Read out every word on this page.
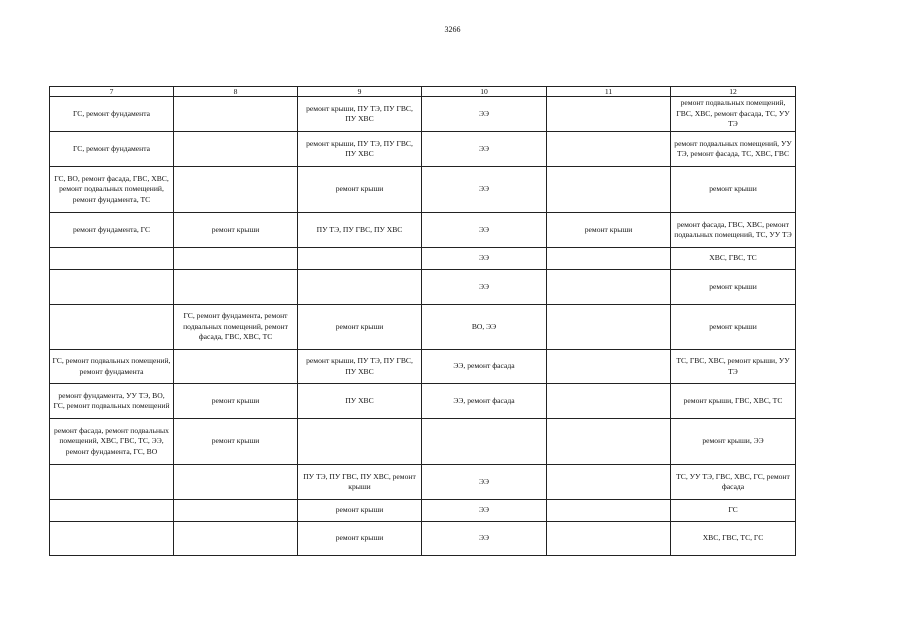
3266
7	8	9	10	11	12
ГС, ремонт фундамента		ремонт крыши, ПУ ТЭ, ПУ ГВС, ПУ ХВС	ЭЭ		ремонт подвальных помещений, ГВС, ХВС, ремонт фасада, ТС, УУ ТЭ
ГС, ремонт фундамента		ремонт крыши, ПУ ТЭ, ПУ ГВС, ПУ ХВС	ЭЭ		ремонт подвальных помещений, УУ ТЭ, ремонт фасада, ТС, ХВС, ГВС
ГС, ВО, ремонт фасада, ГВС, ХВС, ремонт подвальных помещений, ремонт фундамента, ТС		ремонт крыши	ЭЭ		ремонт крыши
ремонт фундамента, ГС	ремонт крыши	ПУ ТЭ, ПУ ГВС, ПУ ХВС	ЭЭ	ремонт крыши	ремонт фасада, ГВС, ХВС, ремонт подвальных помещений, ТС, УУ ТЭ
			ЭЭ		ХВС, ГВС, ТС
			ЭЭ		ремонт крыши
	ГС, ремонт фундамента, ремонт подвальных помещений, ремонт фасада, ГВС, ХВС, ТС	ремонт крыши	ВО, ЭЭ		ремонт крыши
ГС, ремонт подвальных помещений, ремонт фундамента		ремонт крыши, ПУ ТЭ, ПУ ГВС, ПУ ХВС	ЭЭ, ремонт фасада		ТС, ГВС, ХВС, ремонт крыши, УУ ТЭ
ремонт фундамента, УУ ТЭ, ВО, ГС, ремонт подвальных помещений	ремонт крыши	ПУ ХВС	ЭЭ, ремонт фасада		ремонт крыши, ГВС, ХВС, ТС
ремонт фасада, ремонт подвальных помещений, ХВС, ГВС, ТС, ЭЭ, ремонт фундамента, ГС, ВО	ремонт крыши				ремонт крыши, ЭЭ
		ПУ ТЭ, ПУ ГВС, ПУ ХВС, ремонт крыши	ЭЭ		ТС, УУ ТЭ, ГВС, ХВС, ГС, ремонт фасада
		ремонт крыши	ЭЭ		ГС
		ремонт крыши	ЭЭ		ХВС, ГВС, ТС, ГС
